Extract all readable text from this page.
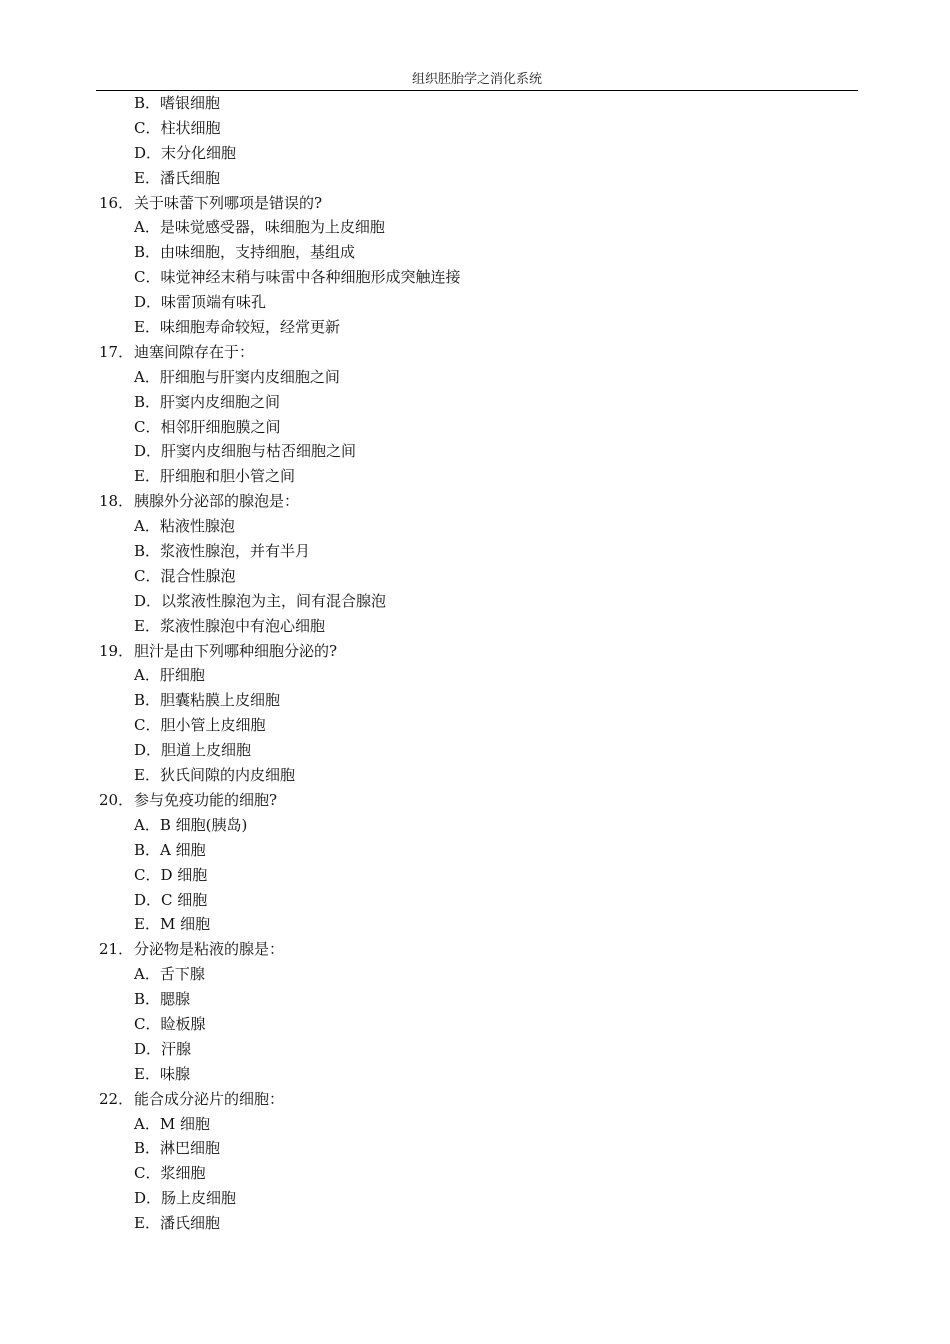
组织胚胎学之消化系统
B．嗜银细胞
C．柱状细胞
D．末分化细胞
E．潘氏细胞
16． 关于味蕾下列哪项是错误的?
A．是味觉感受器，味细胞为上皮细胞
B．由味细胞，支持细胞，基组成
C．味觉神经末稍与味雷中各种细胞形成突触连接
D．味雷顶端有味孔
E．味细胞寿命较短，经常更新
17． 迪塞间隙存在于：
A．肝细胞与肝窦内皮细胞之间
B．肝窦内皮细胞之间
C．相邻肝细胞膜之间
D．肝窦内皮细胞与枯否细胞之间
E．肝细胞和胆小管之间
18． 胰腺外分泌部的腺泡是：
A．粘液性腺泡
B．浆液性腺泡，并有半月
C．混合性腺泡
D．以浆液性腺泡为主，间有混合腺泡
E．浆液性腺泡中有泡心细胞
19． 胆汁是由下列哪种细胞分泌的?
A．肝细胞
B．胆囊粘膜上皮细胞
C．胆小管上皮细胞
D．胆道上皮细胞
E．狄氏间隙的内皮细胞
20． 参与免疫功能的细胞?
A．B 细胞(胰岛)
B．A 细胞
C．D 细胞
D．C 细胞
E．M 细胞
21． 分泌物是粘液的腺是：
A．舌下腺
B．腮腺
C．睑板腺
D．汗腺
E．味腺
22． 能合成分泌片的细胞：
A．M 细胞
B．淋巴细胞
C．浆细胞
D．肠上皮细胞
E．潘氏细胞
